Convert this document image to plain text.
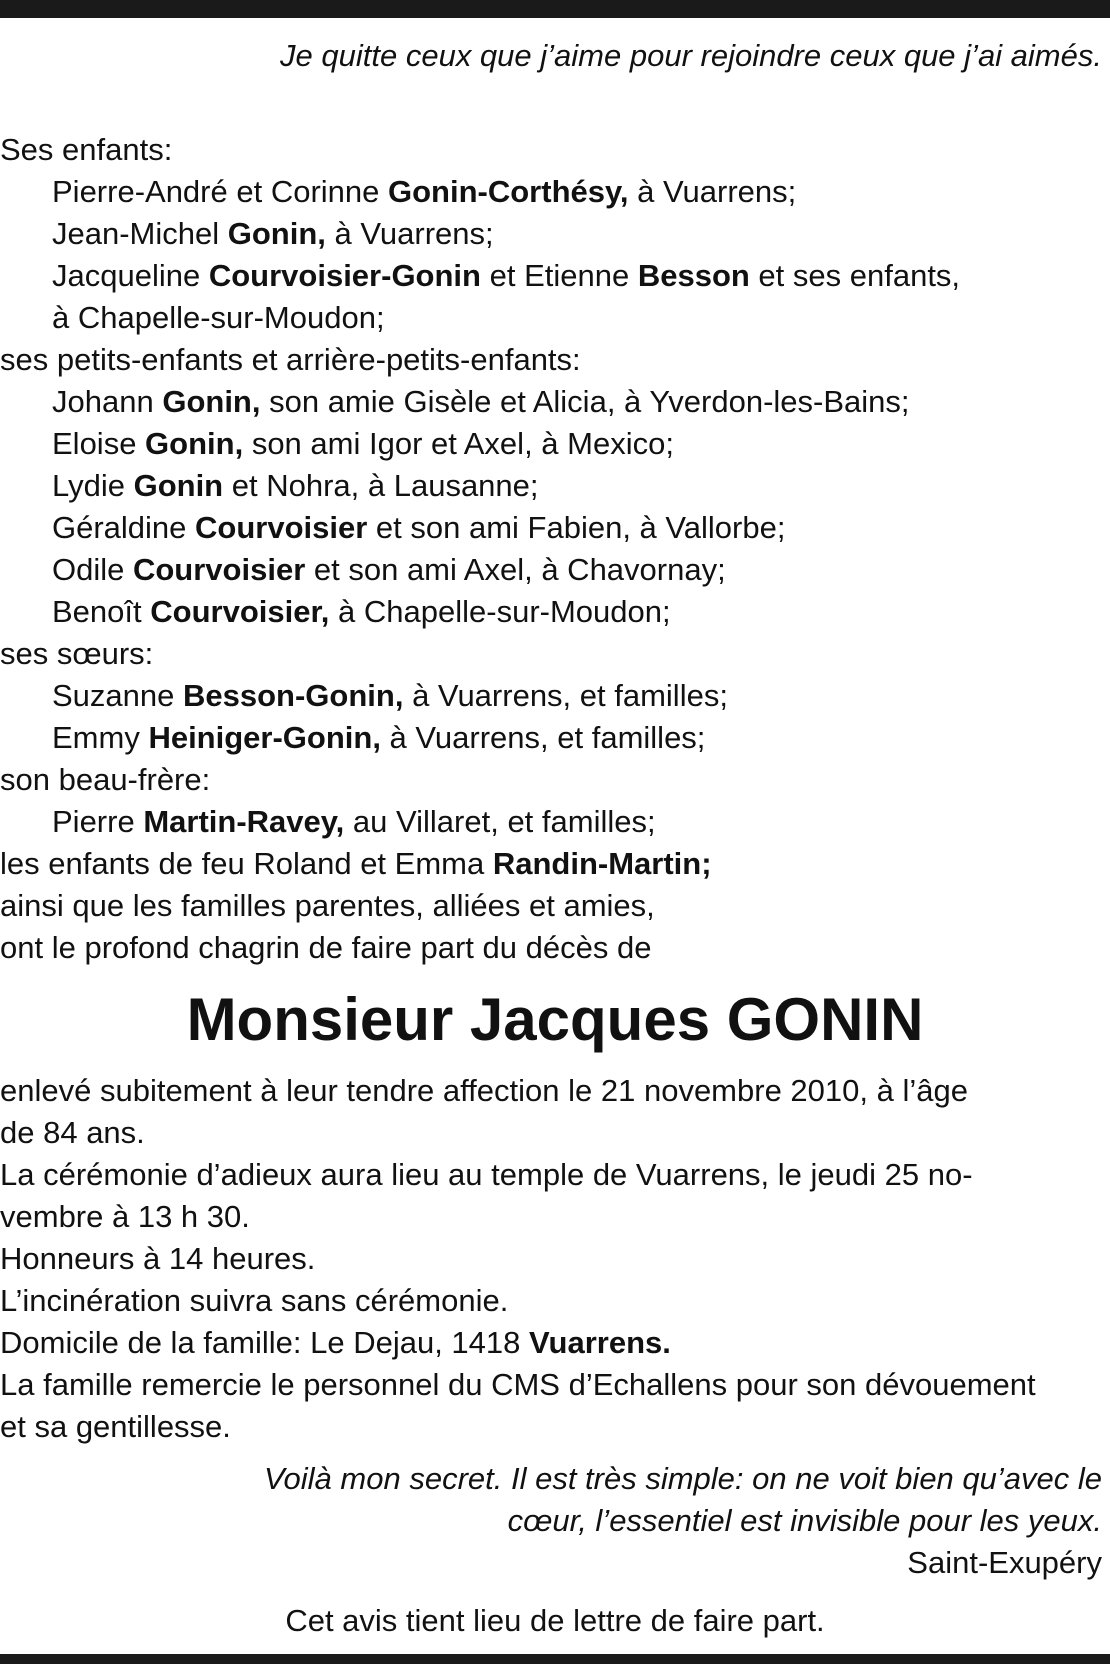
Je quitte ceux que j’aime pour rejoindre ceux que j’ai aimés.
Ses enfants:
Pierre-André et Corinne Gonin-Corthésy, à Vuarrens;
Jean-Michel Gonin, à Vuarrens;
Jacqueline Courvoisier-Gonin et Etienne Besson et ses enfants,
à Chapelle-sur-Moudon;
ses petits-enfants et arrière-petits-enfants:
Johann Gonin, son amie Gisèle et Alicia, à Yverdon-les-Bains;
Eloise Gonin, son ami Igor et Axel, à Mexico;
Lydie Gonin et Nohra, à Lausanne;
Géraldine Courvoisier et son ami Fabien, à Vallorbe;
Odile Courvoisier et son ami Axel, à Chavornay;
Benoît Courvoisier, à Chapelle-sur-Moudon;
ses sœurs:
Suzanne Besson-Gonin, à Vuarrens, et familles;
Emmy Heiniger-Gonin, à Vuarrens, et familles;
son beau-frère:
Pierre Martin-Ravey, au Villaret, et familles;
les enfants de feu Roland et Emma Randin-Martin;
ainsi que les familles parentes, alliées et amies,
ont le profond chagrin de faire part du décès de
Monsieur Jacques GONIN

enlevé subitement à leur tendre affection le 21 novembre 2010, à l’âge

de 84 ans.

La cérémonie d’adieux aura lieu au temple de Vuarrens, le jeudi 25 no-

vembre à 13 h 30.

Honneurs à 14 heures.

L’incinération suivra sans cérémonie.

Domicile de la famille: Le Dejau, 1418 Vuarrens.

La famille remercie le personnel du CMS d’Echallens pour son dévouement

et sa gentillesse.

Voilà mon secret. Il est très simple: on ne voit bien qu’avec le
cœur, l’essentiel est invisible pour les yeux.
Saint-Exupéry
Cet avis tient lieu de lettre de faire part.
